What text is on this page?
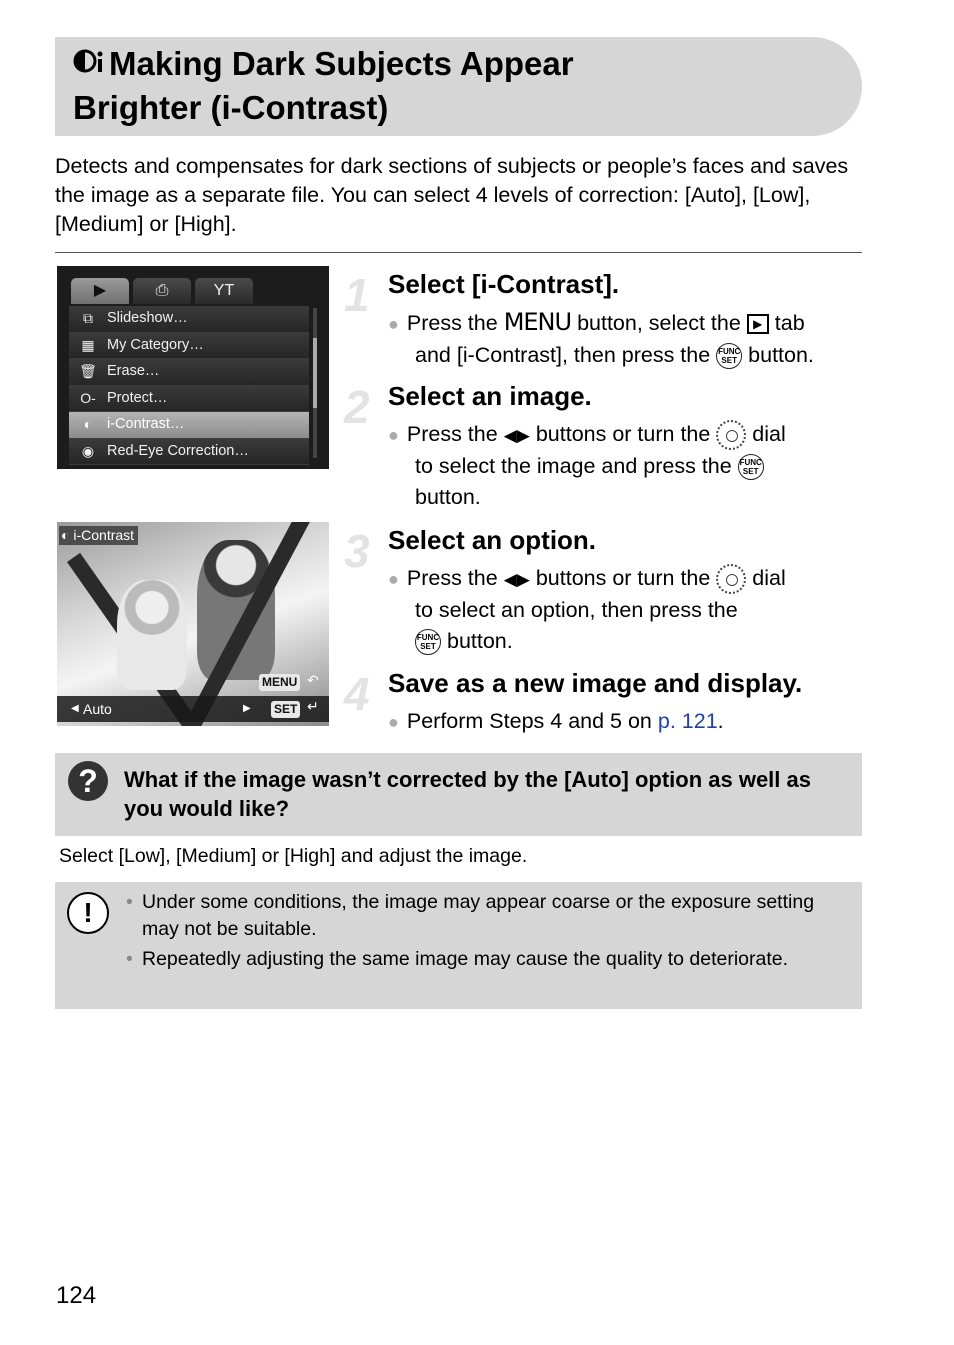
Making Dark Subjects Appear
Brighter (i-Contrast)
Detects and compensates for dark sections of subjects or people’s faces and saves the image as a separate file. You can select 4 levels of correction: [Auto], [Low], [Medium] or [High].
▶	⎙	YT
⧉ Slideshow…
▦ My Category…
🗑 Erase…
O‑ Protect…
◐	i-Contrast…
◉ Red-Eye Correction…
◐ i-Contrast
MENU ↶
◀ Auto	▶ SET ↵
1 Select [i-Contrast].
● Press the MENU button, select the ▶ tab
and [i-Contrast], then press the FUNC
SET button.
2 Select an image.
● Press the ◀▶ buttons or turn the dial
to select the image and press the FUNC
SET
button.
3 Select an option.
● Press the ◀▶ buttons or turn the dial
to select an option, then press the
FUNC
SET button.
4 Save as a new image and display.
● Perform Steps 4 and 5 on p. 121.
?	What if the image wasn’t corrected by the [Auto] option as well as you would like?
Select [Low], [Medium] or [High] and adjust the image.
!
•	Under some conditions, the image may appear coarse or the exposure setting may not be suitable.
• Repeatedly adjusting the same image may cause the quality to deteriorate.
124
